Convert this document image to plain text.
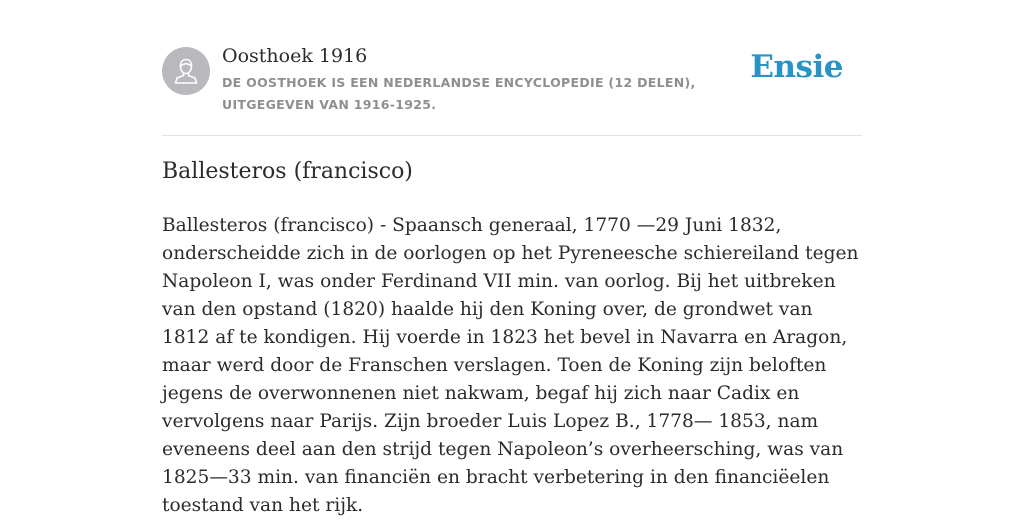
Oosthoek 1916
DE OOSTHOEK IS EEN NEDERLANDSE ENCYCLOPEDIE (12 DELEN), UITGEGEVEN VAN 1916-1925.
Ensie
Ballesteros (francisco)

Ballesteros (francisco) - Spaansch generaal, 1770 —29 Juni 1832, onderscheidde zich in de oorlogen op het Pyreneesche schiereiland tegen Napoleon I, was onder Ferdinand VII min. van oorlog. Bij het uitbreken van den opstand (1820) haalde hij den Koning over, de grondwet van 1812 af te kondigen. Hij voerde in 1823 het bevel in Navarra en Aragon, maar werd door de Franschen verslagen. Toen de Koning zijn beloften jegens de overwonnenen niet nakwam, begaf hij zich naar Cadix en vervolgens naar Parijs. Zijn broeder Luis Lopez B., 1778— 1853, nam eveneens deel aan den strijd tegen Napoleon’s overheersching, was van 1825—33 min. van financiën en bracht verbetering in den financiëelen toestand van het rijk.
